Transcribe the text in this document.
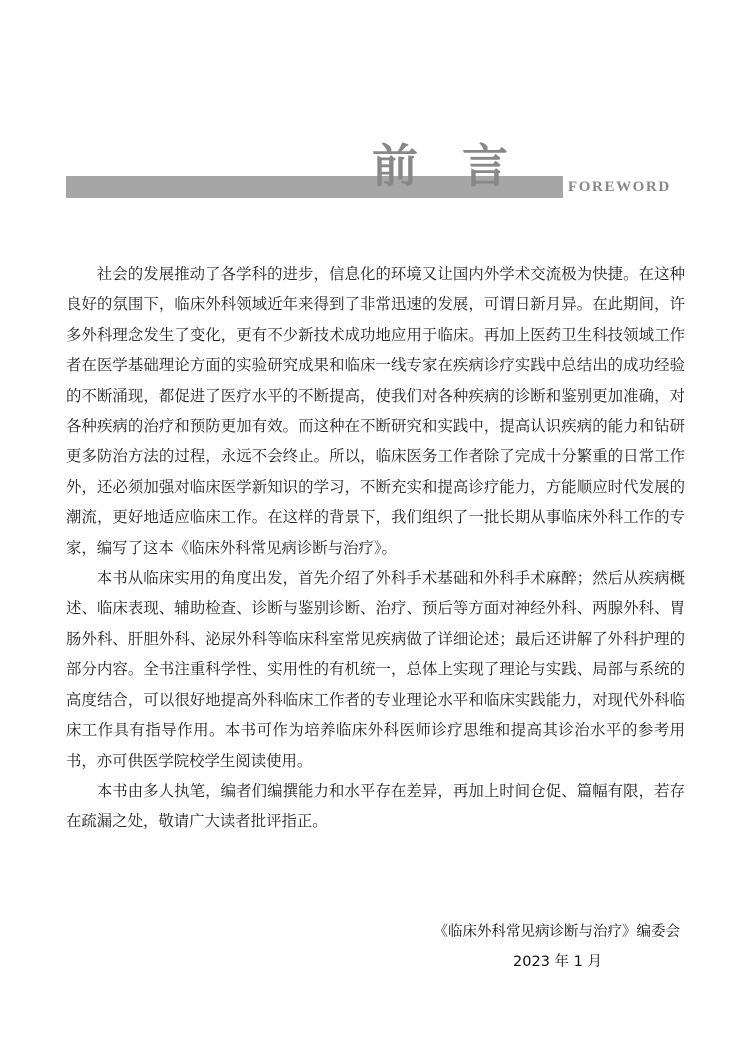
前言 FOREWORD

社会的发展推动了各学科的进步，信息化的环境又让国内外学术交流极为快捷。在这种良好的氛围下，临床外科领域近年来得到了非常迅速的发展，可谓日新月异。在此期间，许多外科理念发生了变化，更有不少新技术成功地应用于临床。再加上医药卫生科技领域工作者在医学基础理论方面的实验研究成果和临床一线专家在疾病诊疗实践中总结出的成功经验的不断涌现，都促进了医疗水平的不断提高，使我们对各种疾病的诊断和鉴别更加准确，对各种疾病的治疗和预防更加有效。而这种在不断研究和实践中，提高认识疾病的能力和钻研更多防治方法的过程，永远不会终止。所以，临床医务工作者除了完成十分繁重的日常工作外，还必须加强对临床医学新知识的学习，不断充实和提高诊疗能力，方能顺应时代发展的潮流，更好地适应临床工作。在这样的背景下，我们组织了一批长期从事临床外科工作的专家，编写了这本《临床外科常见病诊断与治疗》。

本书从临床实用的角度出发，首先介绍了外科手术基础和外科手术麻醉；然后从疾病概述、临床表现、辅助检查、诊断与鉴别诊断、治疗、预后等方面对神经外科、两腺外科、胃肠外科、肝胆外科、泌尿外科等临床科室常见疾病做了详细论述；最后还讲解了外科护理的部分内容。全书注重科学性、实用性的有机统一，总体上实现了理论与实践、局部与系统的高度结合，可以很好地提高外科临床工作者的专业理论水平和临床实践能力，对现代外科临床工作具有指导作用。本书可作为培养临床外科医师诊疗思维和提高其诊治水平的参考用书，亦可供医学院校学生阅读使用。

本书由多人执笔，编者们编撰能力和水平存在差异，再加上时间仓促、篇幅有限，若存在疏漏之处，敬请广大读者批评指正。

《临床外科常见病诊断与治疗》编委会
2023 年 1 月
